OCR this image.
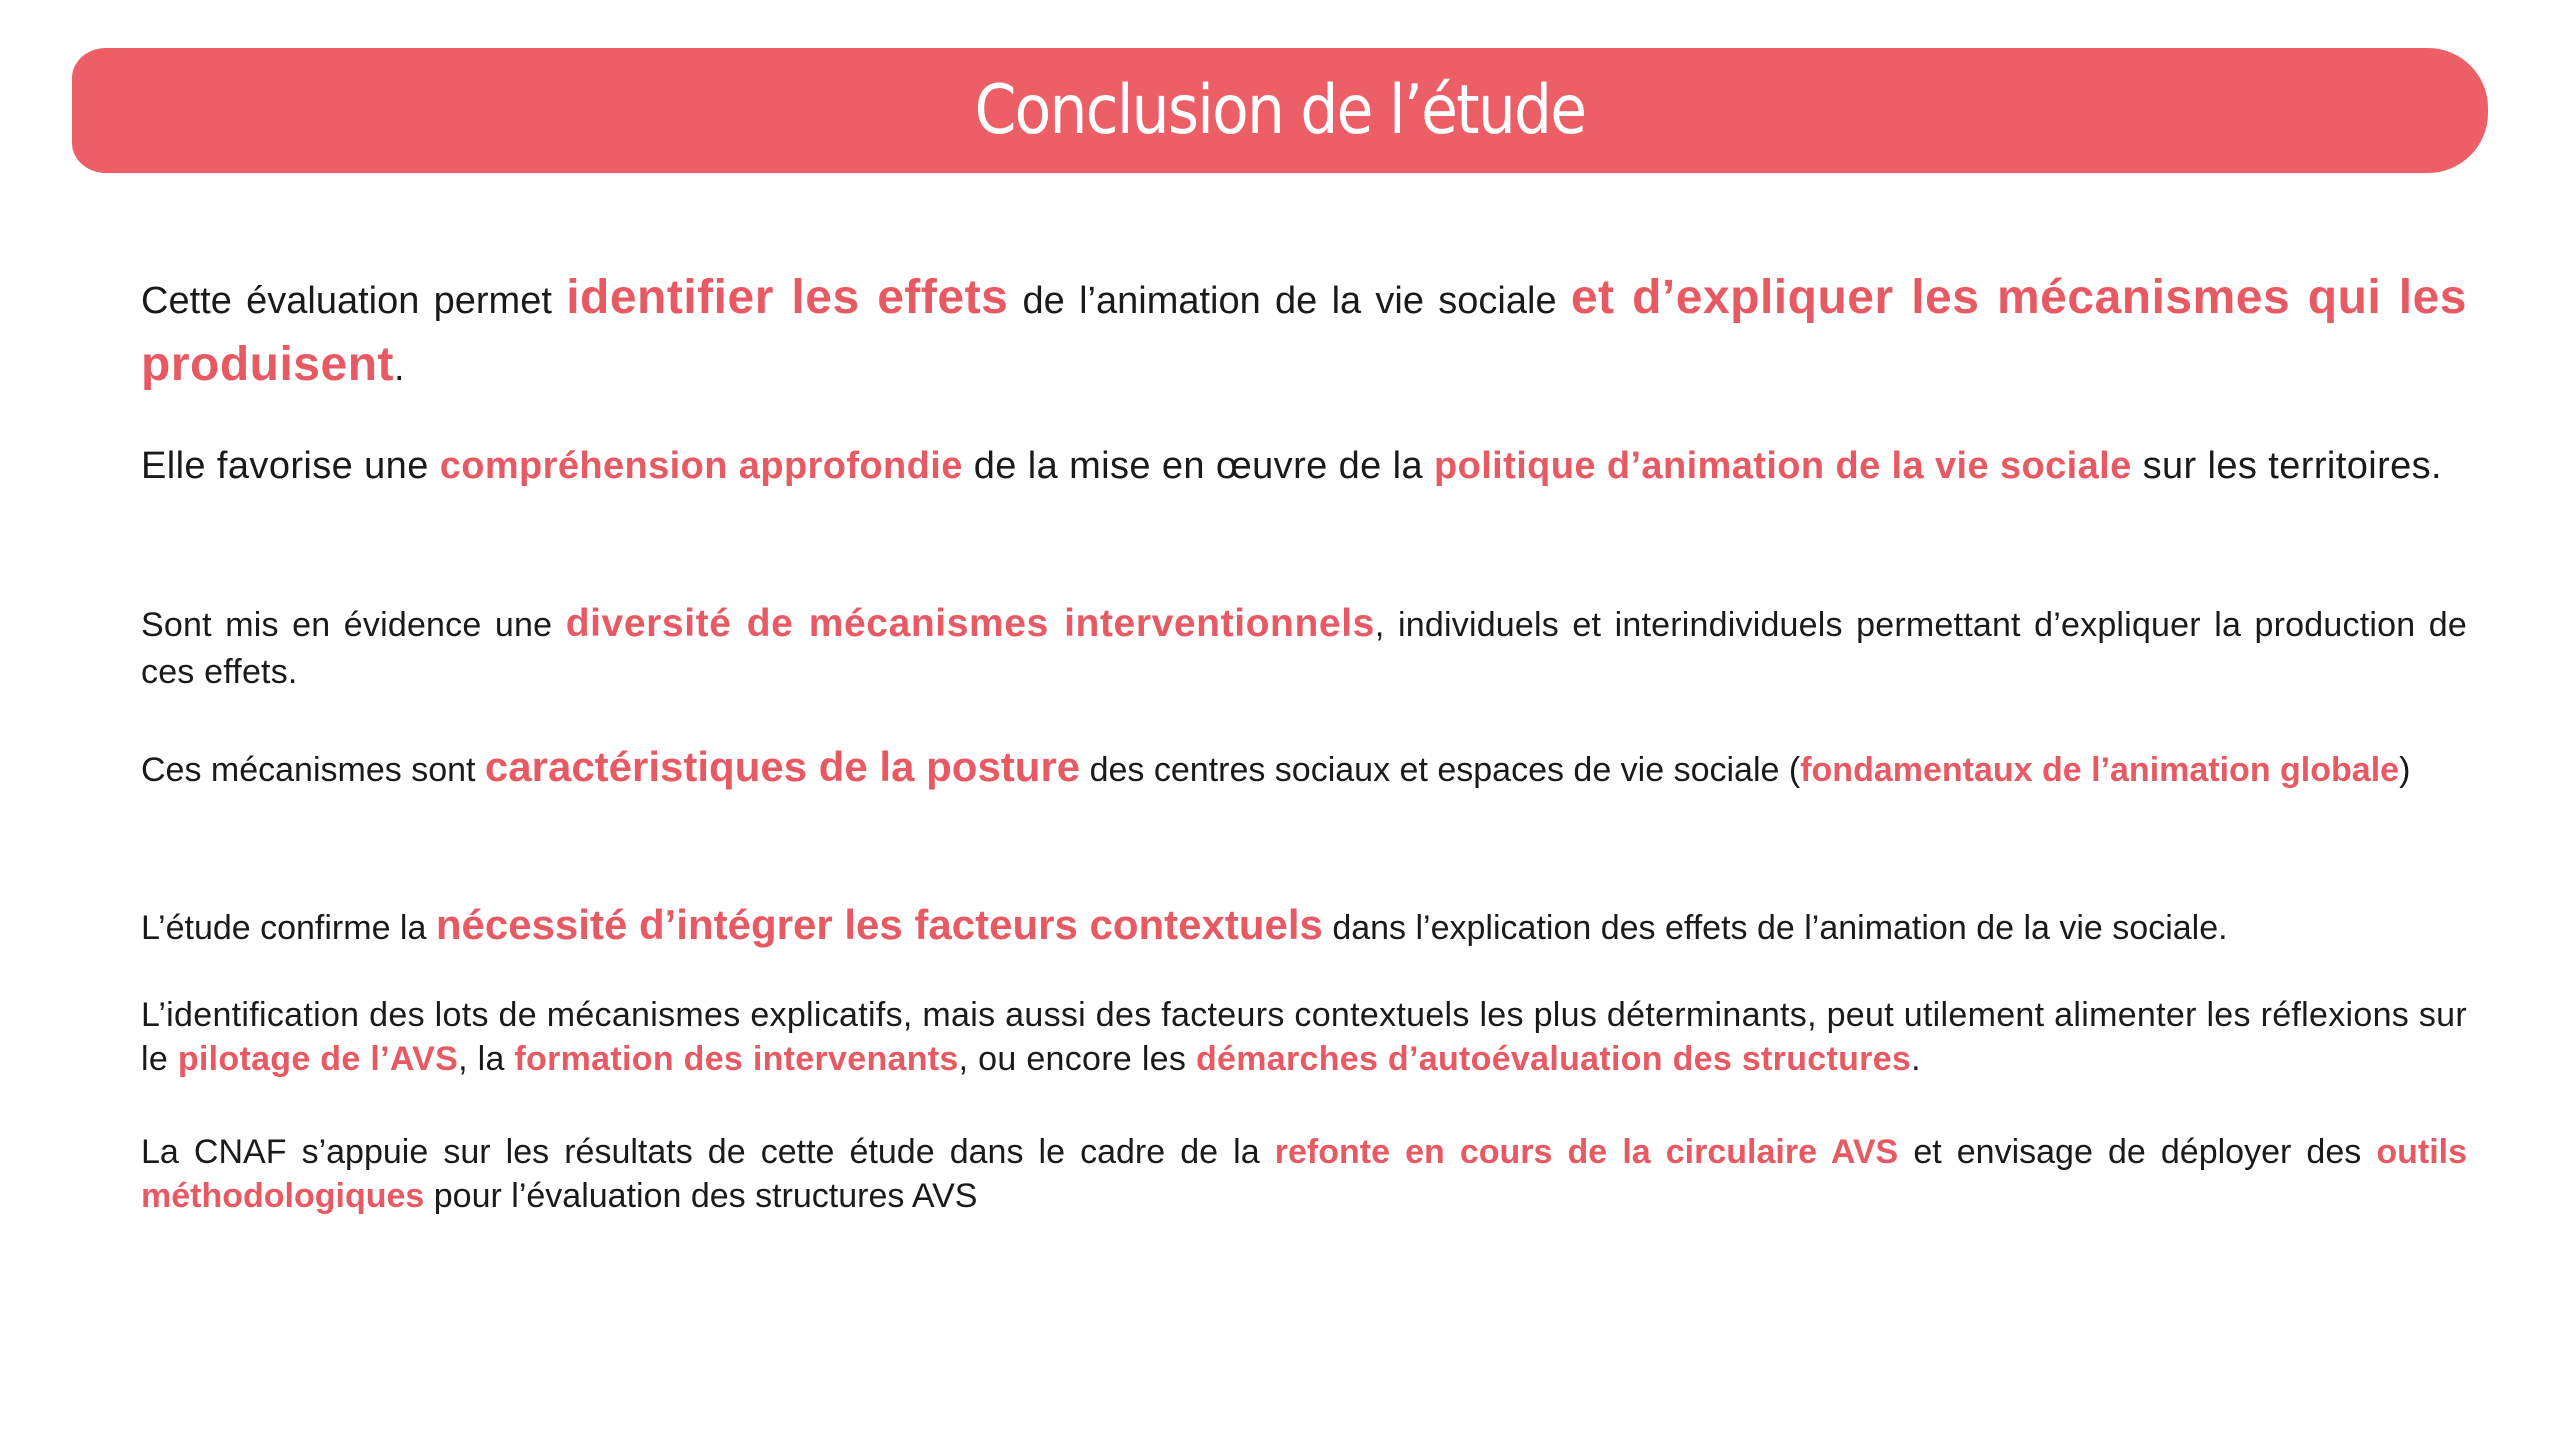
Conclusion de l’étude

Cette évaluation permet identifier les effets de l’animation de la vie sociale et d’expliquer les mécanismes qui les produisent.

Elle favorise une compréhension approfondie de la mise en œuvre de la politique d’animation de la vie sociale sur les territoires.

Sont mis en évidence une diversité de mécanismes interventionnels, individuels et interindividuels permettant d’expliquer la production de ces effets.

Ces mécanismes sont caractéristiques de la posture des centres sociaux et espaces de vie sociale (fondamentaux de l’animation globale)

L’étude confirme la nécessité d’intégrer les facteurs contextuels dans l’explication des effets de l’animation de la vie sociale.

L’identification des lots de mécanismes explicatifs, mais aussi des facteurs contextuels les plus déterminants, peut utilement alimenter les réflexions sur le pilotage de l’AVS, la formation des intervenants, ou encore les démarches d’autoévaluation des structures.

La CNAF s’appuie sur les résultats de cette étude dans le cadre de la refonte en cours de la circulaire AVS et envisage de déployer des outils méthodologiques pour l’évaluation des structures AVS
